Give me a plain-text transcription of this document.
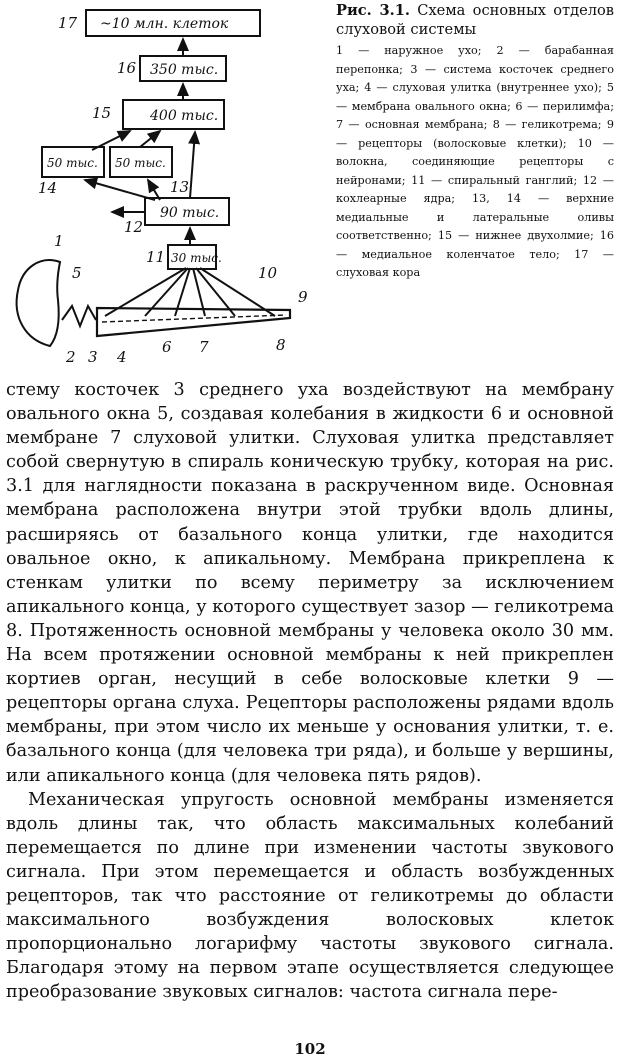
~10 млн. клеток
350 тыс.
400 тыс.
50 тыс. 50 тыс.
90 тыс.
30 тыс.
1
2 3 4
5
6 7	8
9
10
11
12
13
14
15
16
17
Рис. 3.1. Схема основных отделов слуховой системы
1 — наружное ухо; 2 — барабанная перепонка; 3 — система косточек среднего уха; 4 — слуховая улитка (внутреннее ухо); 5 — мембрана овального окна; 6 — перилимфа; 7 — основная мембрана; 8 — геликотрема; 9 — рецепторы (волосковые клетки); 10 — волокна, соединяющие рецепторы с нейронами; 11 — спиральный ганглий; 12 — кохлеарные ядра; 13, 14 — верхние медиальные и латеральные оливы соответственно; 15 — нижнее двухолмие; 16 — медиальное коленчатое тело; 17 — слуховая кора

стему косточек 3 среднего уха воздействуют на мембрану овального окна 5, создавая колебания в жидкости 6 и основной мембране 7 слуховой улитки. Слуховая улитка представляет собой свернутую в спираль коническую трубку, которая на рис. 3.1 для наглядности показана в раскрученном виде. Основная мембрана расположена внутри этой трубки вдоль длины, расширяясь от базального конца улитки, где находится овальное окно, к апикальному. Мембрана прикреплена к стенкам улитки по всему периметру за исключением апикального конца, у которого существует зазор — геликотрема 8. Протяженность основной мембраны у человека около 30 мм. На всем протяжении основной мембраны к ней прикреплен кортиев орган, несущий в себе волосковые клетки 9 — рецепторы органа слуха. Рецепторы расположены рядами вдоль мембраны, при этом число их меньше у основания улитки, т. е. базального конца (для человека три ряда), и больше у вершины, или апикального конца (для человека пять рядов).

Механическая упругость основной мембраны изменяется вдоль длины так, что область максимальных колебаний перемещается по длине при изменении частоты звукового сигнала. При этом перемещается и область возбужденных рецепторов, так что расстояние от геликотремы до области максимального возбуждения волосковых клеток пропорционально логарифму частоты звукового сигнала. Благодаря этому на первом этапе осуществляется следующее преобразование звуковых сигналов: частота сигнала пере-

102
